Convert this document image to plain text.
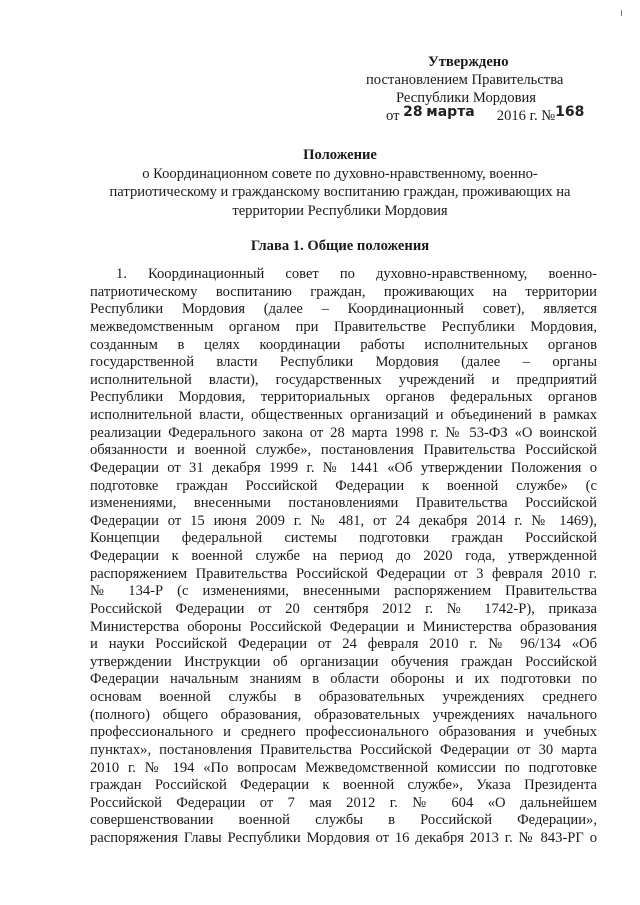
Утверждено
постановлением Правительства
Республики Мордовия
от 28 марта 2016 г. №168
Положение
о Координационном совете по духовно-нравственному, военно-
патриотическому и гражданскому воспитанию граждан, проживающих на
территории Республики Мордовия
Глава 1. Общие положения
1. Координационный совет по духовно-нравственному, военно-
патриотическому воспитанию граждан, проживающих на территории
Республики Мордовия (далее – Координационный совет), является
межведомственным органом при Правительстве Республики Мордовия,
созданным в целях координации работы исполнительных органов
государственной власти Республики Мордовия (далее – органы
исполнительной власти), государственных учреждений и предприятий
Республики Мордовия, территориальных органов федеральных органов
исполнительной власти, общественных организаций и объединений в рамках
реализации Федерального закона от 28 марта 1998 г. № 53-ФЗ «О воинской
обязанности и военной службе», постановления Правительства Российской
Федерации от 31 декабря 1999 г. № 1441 «Об утверждении Положения о
подготовке граждан Российской Федерации к военной службе» (с
изменениями, внесенными постановлениями Правительства Российской
Федерации от 15 июня 2009 г. № 481, от 24 декабря 2014 г. № 1469),
Концепции федеральной системы подготовки граждан Российской
Федерации к военной службе на период до 2020 года, утвержденной
распоряжением Правительства Российской Федерации от 3 февраля 2010 г.
№ 134-Р (с изменениями, внесенными распоряжением Правительства
Российской Федерации от 20 сентября 2012 г. № 1742-Р), приказа
Министерства обороны Российской Федерации и Министерства образования
и науки Российской Федерации от 24 февраля 2010 г. № 96/134 «Об
утверждении Инструкции об организации обучения граждан Российской
Федерации начальным знаниям в области обороны и их подготовки по
основам военной службы в образовательных учреждениях среднего
(полного) общего образования, образовательных учреждениях начального
профессионального и среднего профессионального образования и учебных
пунктах», постановления Правительства Российской Федерации от 30 марта
2010 г. № 194 «По вопросам Межведомственной комиссии по подготовке
граждан Российской Федерации к военной службе», Указа Президента
Российской Федерации от 7 мая 2012 г. № 604 «О дальнейшем
совершенствовании военной службы в Российской Федерации»,
распоряжения Главы Республики Мордовия от 16 декабря 2013 г. № 843-РГ о
